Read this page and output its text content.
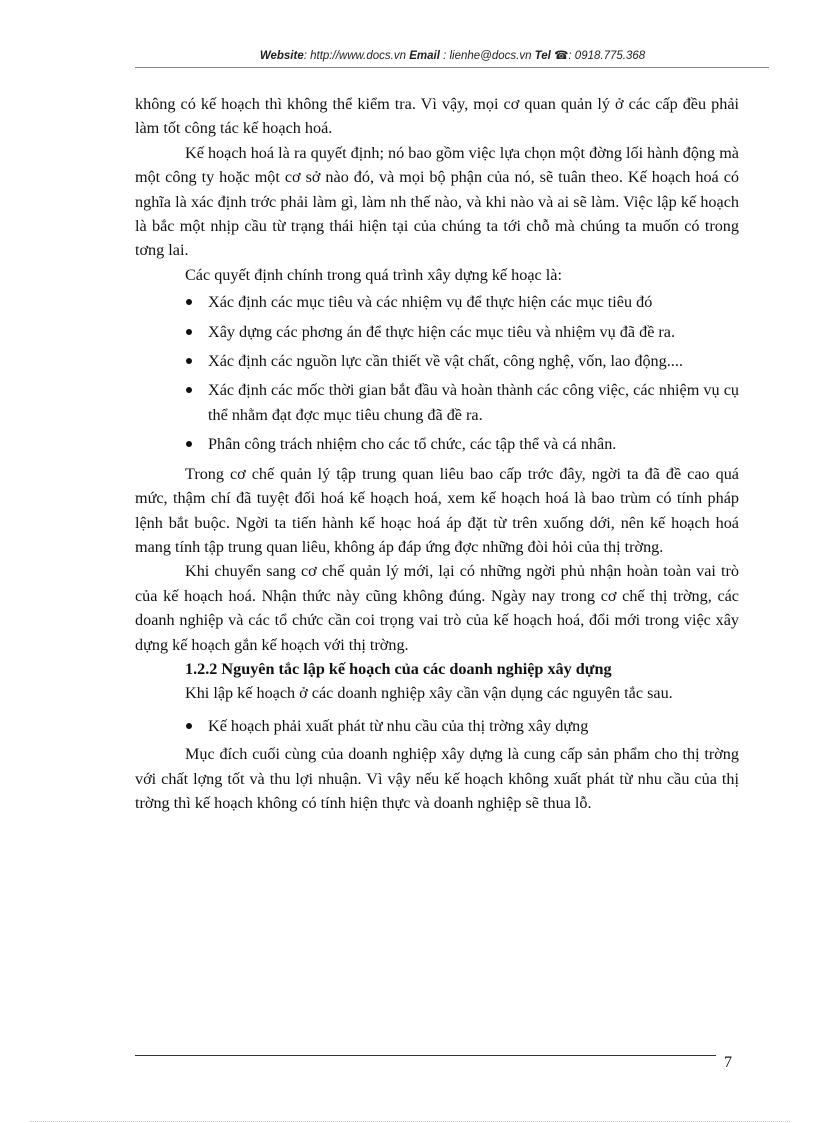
Website: http://www.docs.vn Email : lienhe@docs.vn Tel ☎: 0918.775.368

không có kế hoạch thì không thể kiểm tra. Vì vậy, mọi cơ quan quản lý ở các cấp đều phải làm tốt công tác kế hoạch hoá.

Kế hoạch hoá là ra quyết định; nó bao gồm việc lựa chọn một đờng lối hành động mà một công ty hoặc một cơ sở nào đó, và mọi bộ phận của nó, sẽ tuân theo. Kế hoạch hoá có nghĩa là xác định trớc phải làm gì, làm nh thế nào, và khi nào và ai sẽ làm. Việc lập kế hoạch là bắc một nhịp cầu từ trạng thái hiện tại của chúng ta tới chỗ mà chúng ta muốn có trong tơng lai.

Các quyết định chính trong quá trình xây dựng kế hoạc là:

Xác định các mục tiêu và các nhiệm vụ để thực hiện các mục tiêu đó
Xây dựng các phơng án để thực hiện các mục tiêu và nhiệm vụ đã đề ra.
Xác định các nguồn lực cần thiết về vật chất, công nghệ, vốn, lao động....
Xác định các mốc thời gian bắt đầu và hoàn thành các công việc, các nhiệm vụ cụ thể nhằm đạt đợc mục tiêu chung đã đề ra.
Phân công trách nhiệm cho các tổ chức, các tập thể và cá nhân.

Trong cơ chế quản lý tập trung quan liêu bao cấp trớc đây, ngời ta đã đề cao quá mức, thậm chí đã tuyệt đối hoá kế hoạch hoá, xem kế hoạch hoá là bao trùm có tính pháp lệnh bắt buộc. Ngời ta tiến hành kế hoạc hoá áp đặt từ trên xuống dới, nên kế hoạch hoá mang tính tập trung quan liêu, không áp đáp ứng đợc những đòi hỏi của thị trờng.

Khi chuyển sang cơ chế quản lý mới, lại có những ngời phủ nhận hoàn toàn vai trò của kế hoạch hoá. Nhận thức này cũng không đúng. Ngày nay trong cơ chế thị trờng, các doanh nghiệp và các tổ chức cần coi trọng vai trò của kế hoạch hoá, đổi mới trong việc xây dựng kế hoạch gắn kế hoạch với thị trờng.

1.2.2 Nguyên tắc lập kế hoạch của các doanh nghiệp xây dựng

Khi lập kế hoạch ở các doanh nghiệp xây cần vận dụng các nguyên tắc sau.

Kế hoạch phải xuất phát từ nhu cầu của thị trờng xây dựng

Mục đích cuối cùng của doanh nghiệp xây dựng là cung cấp sản phẩm cho thị trờng với chất lợng tốt và thu lợi nhuận. Vì vậy nếu kế hoạch không xuất phát từ nhu cầu của thị trờng thì kế hoạch không có tính hiện thực và doanh nghiệp sẽ thua lỗ.

7
